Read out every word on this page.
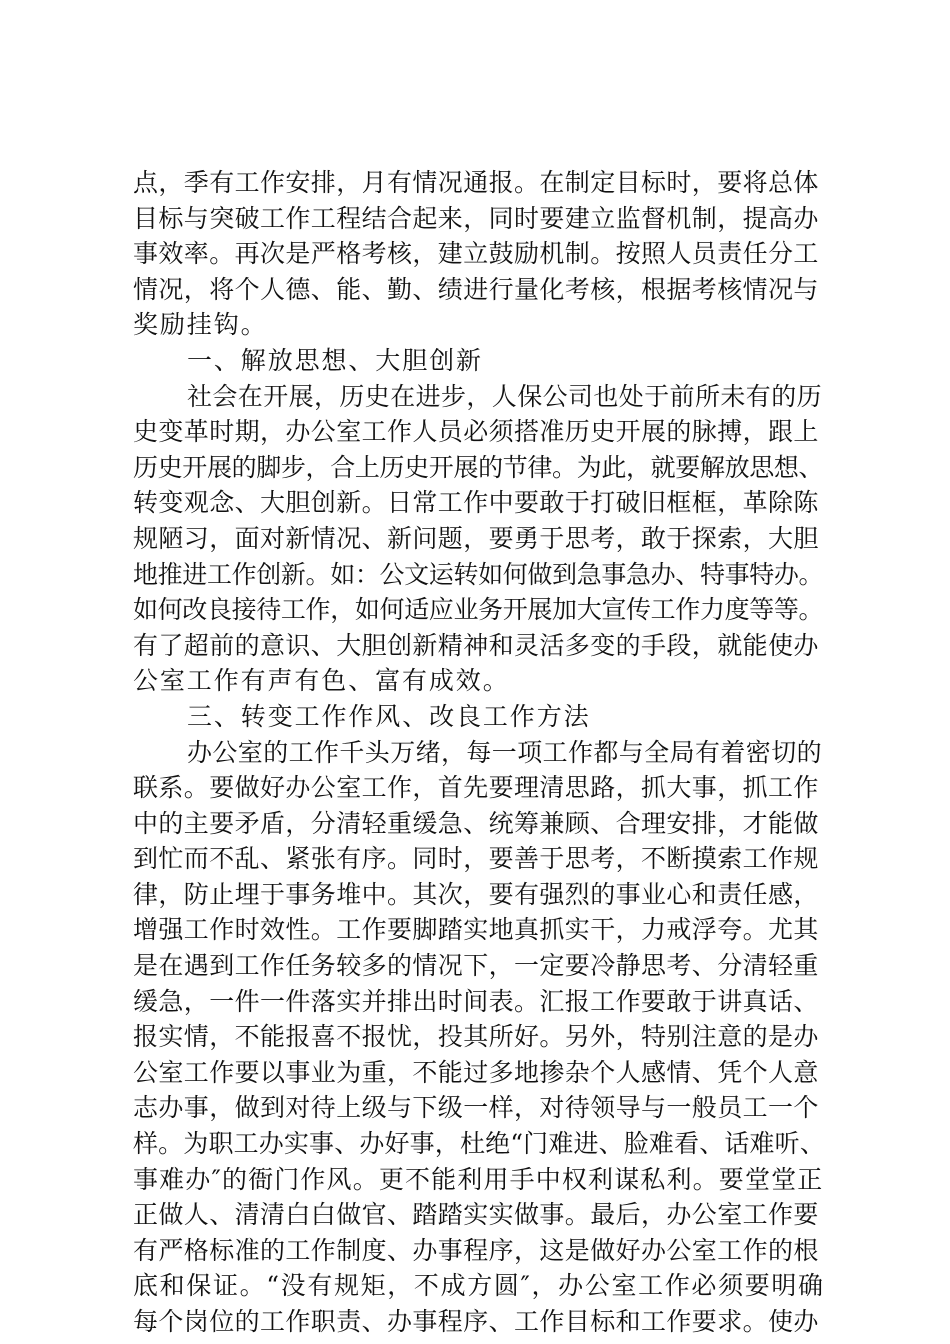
点，季有工作安排，月有情况通报。在制定目标时，要将总体
目标与突破工作工程结合起来，同时要建立监督机制，提高办
事效率。再次是严格考核，建立鼓励机制。按照人员责任分工
情况，将个人德、能、勤、绩进行量化考核，根据考核情况与
奖励挂钩。
一、解放思想、大胆创新
社会在开展，历史在进步，人保公司也处于前所未有的历
史变革时期，办公室工作人员必须搭准历史开展的脉搏，跟上
历史开展的脚步，合上历史开展的节律。为此，就要解放思想、
转变观念、大胆创新。日常工作中要敢于打破旧框框，革除陈
规陋习，面对新情况、新问题，要勇于思考，敢于探索，大胆
地推进工作创新。如：公文运转如何做到急事急办、特事特办。
如何改良接待工作，如何适应业务开展加大宣传工作力度等等。
有了超前的意识、大胆创新精神和灵活多变的手段，就能使办
公室工作有声有色、富有成效。
三、转变工作作风、改良工作方法
办公室的工作千头万绪，每一项工作都与全局有着密切的
联系。要做好办公室工作，首先要理清思路，抓大事，抓工作
中的主要矛盾，分清轻重缓急、统筹兼顾、合理安排，才能做
到忙而不乱、紧张有序。同时，要善于思考，不断摸索工作规
律，防止埋于事务堆中。其次，要有强烈的事业心和责任感，
增强工作时效性。工作要脚踏实地真抓实干，力戒浮夸。尤其
是在遇到工作任务较多的情况下，一定要冷静思考、分清轻重
缓急，一件一件落实并排出时间表。汇报工作要敢于讲真话、
报实情，不能报喜不报忧，投其所好。另外，特别注意的是办
公室工作要以事业为重，不能过多地掺杂个人感情、凭个人意
志办事，做到对待上级与下级一样，对待领导与一般员工一个
样。为职工办实事、办好事，杜绝“门难进、脸难看、话难听、
事难办″的衙门作风。更不能利用手中权利谋私利。要堂堂正
正做人、清清白白做官、踏踏实实做事。最后，办公室工作要
有严格标准的工作制度、办事程序，这是做好办公室工作的根
底和保证。“没有规矩，不成方圆″，办公室工作必须要明确
每个岗位的工作职责、办事程序、工作目标和工作要求。使办
